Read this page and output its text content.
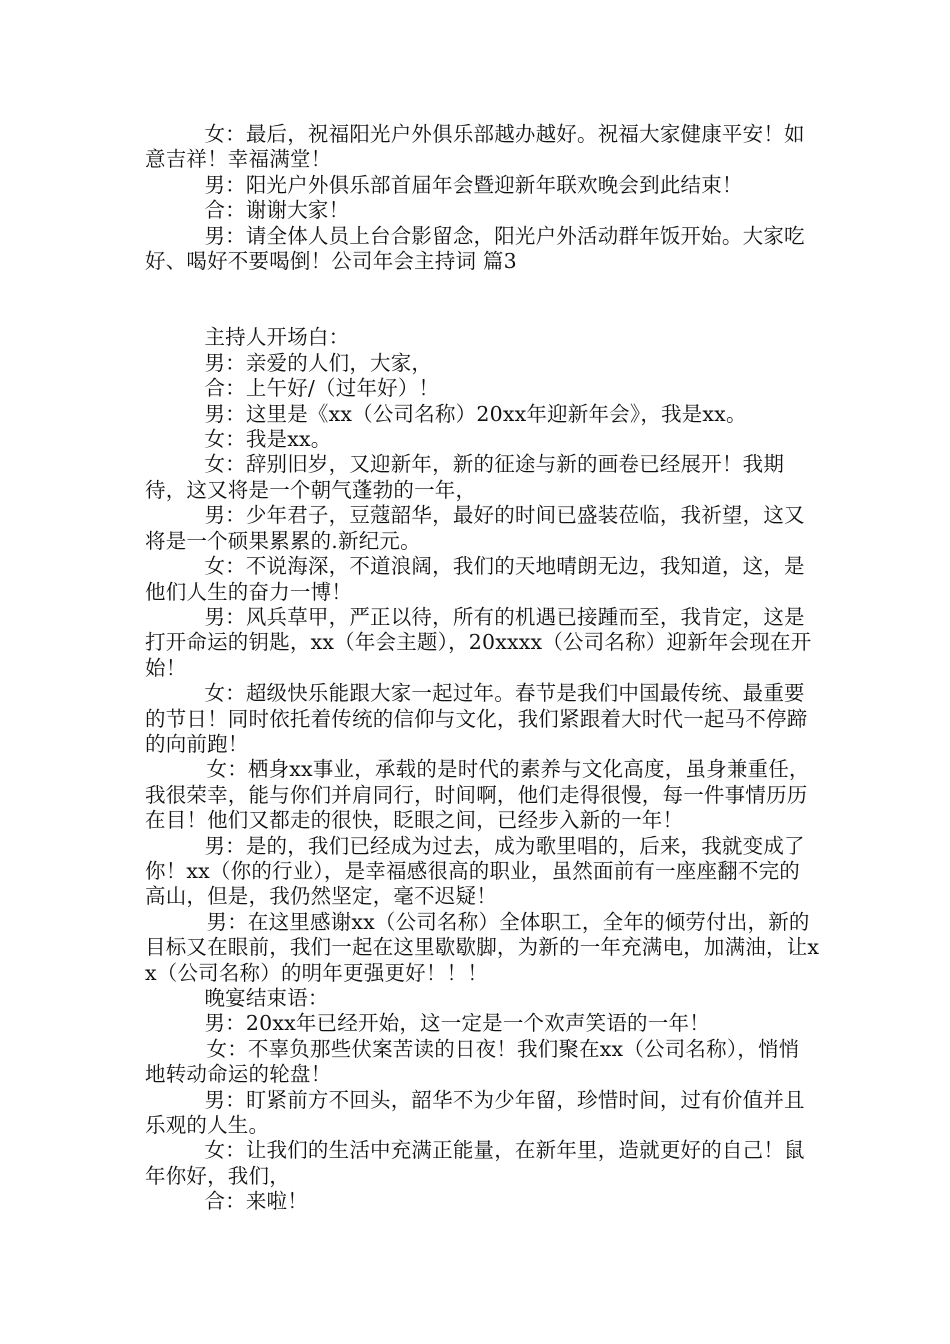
女：最后，祝福阳光户外俱乐部越办越好。祝福大家健康平安！如意吉祥！幸福满堂！

男：阳光户外俱乐部首届年会暨迎新年联欢晚会到此结束！

合：谢谢大家！

男：请全体人员上台合影留念，阳光户外活动群年饭开始。大家吃好、喝好不要喝倒！公司年会主持词 篇3

主持人开场白：

男：亲爱的人们，大家，

合：上午好/（过年好）！

男：这里是《xx（公司名称）20xx年迎新年会》，我是xx。

女：我是xx。

女：辞别旧岁，又迎新年，新的征途与新的画卷已经展开！我期待，这又将是一个朝气蓬勃的一年，

男：少年君子，豆蔻韶华，最好的时间已盛装莅临，我祈望，这又将是一个硕果累累的.新纪元。

女：不说海深，不道浪阔，我们的天地晴朗无边，我知道，这，是他们人生的奋力一博！

男：风兵草甲，严正以待，所有的机遇已接踵而至，我肯定，这是打开命运的钥匙，xx（年会主题），20xxxx（公司名称）迎新年会现在开始！

女：超级快乐能跟大家一起过年。春节是我们中国最传统、最重要的节日！同时依托着传统的信仰与文化，我们紧跟着大时代一起马不停蹄的向前跑！

女：栖身xx事业，承载的是时代的素养与文化高度，虽身兼重任，我很荣幸，能与你们并肩同行，时间啊，他们走得很慢，每一件事情历历在目！他们又都走的很快，眨眼之间，已经步入新的一年！

男：是的，我们已经成为过去，成为歌里唱的，后来，我就变成了你！xx（你的行业），是幸福感很高的职业，虽然面前有一座座翻不完的高山，但是，我仍然坚定，毫不迟疑！

男：在这里感谢xx（公司名称）全体职工，全年的倾劳付出，新的目标又在眼前，我们一起在这里歇歇脚，为新的一年充满电，加满油，让xx（公司名称）的明年更强更好！！！

晚宴结束语：

男：20xx年已经开始，这一定是一个欢声笑语的一年！

女：不辜负那些伏案苦读的日夜！我们聚在xx（公司名称），悄悄地转动命运的轮盘！

男：盯紧前方不回头，韶华不为少年留，珍惜时间，过有价值并且乐观的人生。

女：让我们的生活中充满正能量，在新年里，造就更好的自己！鼠年你好，我们，

合：来啦！
